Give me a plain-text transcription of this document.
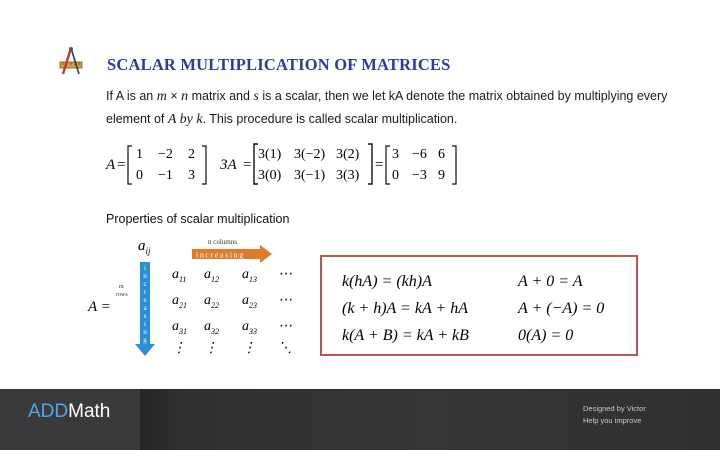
SCALAR MULTIPLICATION OF MATRICES
If A is an m × n matrix and s is a scalar, then we let kA denote the matrix obtained by multiplying every
element of A by k. This procedure is called scalar multiplication.
A =
1 −2 2
0 −1 3
3A =
3(1) 3(−2) 3(2)
3(0) 3(−1) 3(3)
=
3 −6 6
0 −3 9
Properties of scalar multiplication
$a_{ij}$
n columns
increasing
m rows
i n c r e a s i n g
A =
$a_{11}$ $a_{12}$ $a_{13}$ ⋯
$a_{21}$ $a_{22}$ $a_{23}$ ⋯
$a_{31}$ $a_{32}$ $a_{33}$ ⋯
⋮ ⋮ ⋮ ⋱
k(hA) = (kh)A
(k + h)A = kA + hA
k(A + B) = kA + kB
A + 0 = A
A + (−A) = 0
0(A) = 0
ADDMath	Designed by Victor
Help you improve
